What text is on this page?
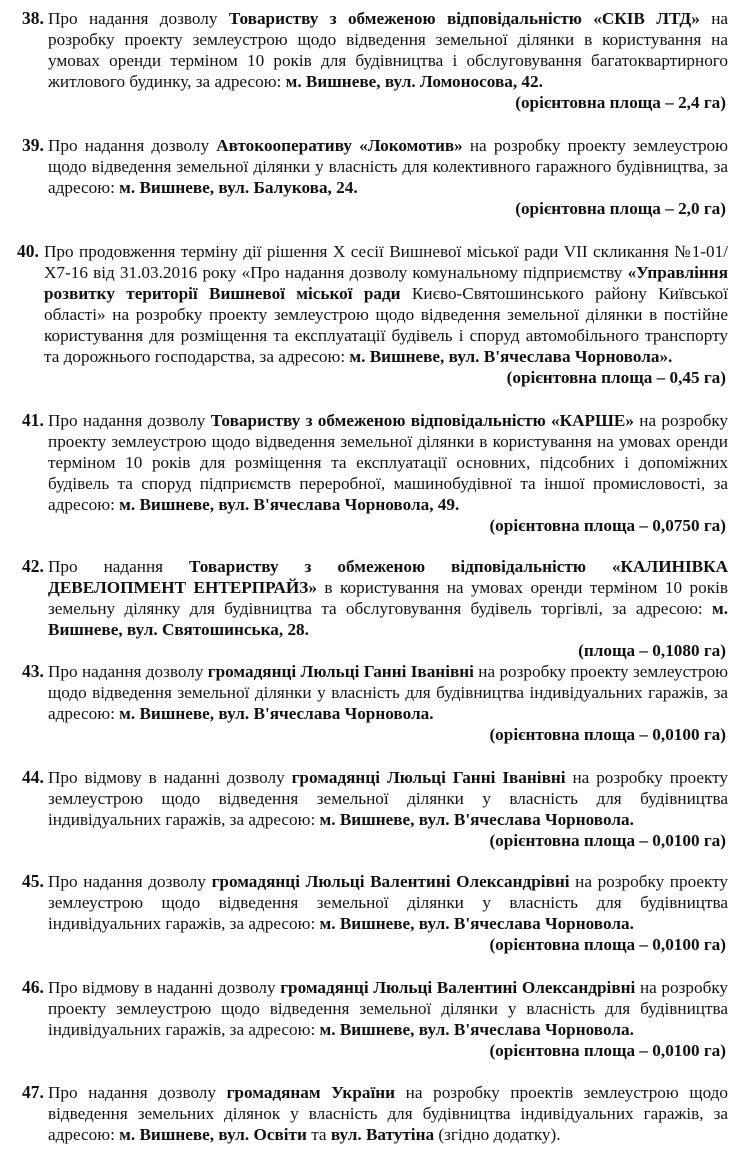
38. Про надання дозволу Товариству з обмеженою відповідальністю «СКІВ ЛТД» на розробку проекту землеустрою щодо відведення земельної ділянки в користування на умовах оренди терміном 10 років для будівництва і обслуговування багатоквартирного житлового будинку, за адресою: м. Вишневе, вул. Ломоносова, 42.
(орієнтовна площа – 2,4 га)
39. Про надання дозволу Автокооперативу «Локомотив» на розробку проекту землеустрою щодо відведення земельної ділянки у власність для колективного гаражного будівництва, за адресою: м. Вишневе, вул. Балукова, 24.
(орієнтовна площа – 2,0 га)
40. Про продовження терміну дії рішення Х сесії Вишневої міської ради VII скликання №1-01/Х7-16 від 31.03.2016 року «Про надання дозволу комунальному підприємству «Управління розвитку території Вишневої міської ради Києво-Святошинського району Київської області» на розробку проекту землеустрою щодо відведення земельної ділянки в постійне користування для розміщення та експлуатації будівель і споруд автомобільного транспорту та дорожнього господарства, за адресою: м. Вишневе, вул. В'ячеслава Чорновола».
(орієнтовна площа – 0,45 га)
41. Про надання дозволу Товариству з обмеженою відповідальністю «КАРШЕ» на розробку проекту землеустрою щодо відведення земельної ділянки в користування на умовах оренди терміном 10 років для розміщення та експлуатації основних, підсобних і допоміжних будівель та споруд підприємств переробної, машинобудівної та іншої промисловості, за адресою: м. Вишневе, вул. В'ячеслава Чорновола, 49.
(орієнтовна площа – 0,0750 га)
42. Про надання Товариству з обмеженою відповідальністю «КАЛИНІВКА ДЕВЕЛОПМЕНТ ЕНТЕРПРАЙЗ» в користування на умовах оренди терміном 10 років земельну ділянку для будівництва та обслуговування будівель торгівлі, за адресою: м. Вишневе, вул. Святошинська, 28.
(площа – 0,1080 га)
43. Про надання дозволу громадянці Люльці Ганні Іванівні на розробку проекту землеустрою щодо відведення земельної ділянки у власність для будівництва індивідуальних гаражів, за адресою: м. Вишневе, вул. В'ячеслава Чорновола.
(орієнтовна площа – 0,0100 га)
44. Про відмову в наданні дозволу громадянці Люльці Ганні Іванівні на розробку проекту землеустрою щодо відведення земельної ділянки у власність для будівництва індивідуальних гаражів, за адресою: м. Вишневе, вул. В'ячеслава Чорновола.
(орієнтовна площа – 0,0100 га)
45. Про надання дозволу громадянці Люльці Валентині Олександрівні на розробку проекту землеустрою щодо відведення земельної ділянки у власність для будівництва індивідуальних гаражів, за адресою: м. Вишневе, вул. В'ячеслава Чорновола.
(орієнтовна площа – 0,0100 га)
46. Про відмову в наданні дозволу громадянці Люльці Валентині Олександрівні на розробку проекту землеустрою щодо відведення земельної ділянки у власність для будівництва індивідуальних гаражів, за адресою: м. Вишневе, вул. В'ячеслава Чорновола.
(орієнтовна площа – 0,0100 га)
47. Про надання дозволу громадянам України на розробку проектів землеустрою щодо відведення земельних ділянок у власність для будівництва індивідуальних гаражів, за адресою: м. Вишневе, вул. Освіти та вул. Ватутіна (згідно додатку).
